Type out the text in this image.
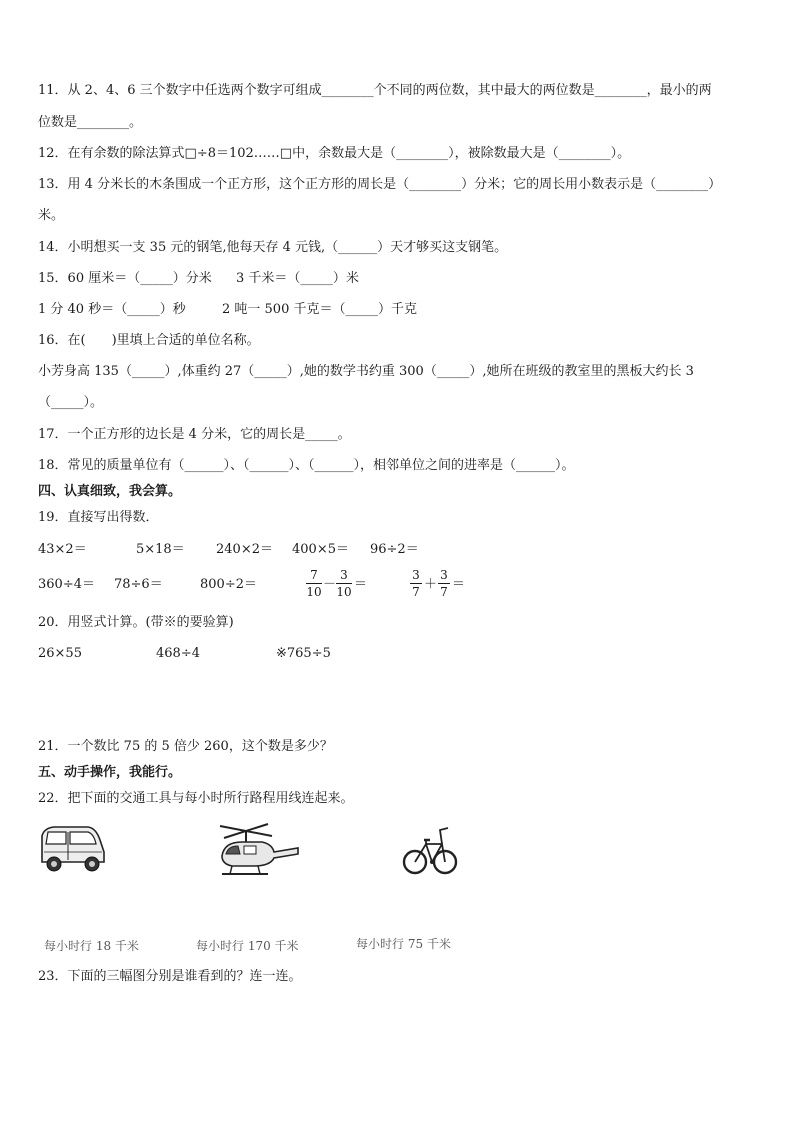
11．从 2、4、6 三个数字中任选两个数字可组成________个不同的两位数，其中最大的两位数是________，最小的两
位数是________。
12．在有余数的除法算式□÷8＝102……□中，余数最大是（________），被除数最大是（________）。
13．用 4 分米长的木条围成一个正方形，这个正方形的周长是（________）分米；它的周长用小数表示是（________）
米。
14．小明想买一支 35 元的钢笔,他每天存 4 元钱,（______）天才够买这支钢笔。
15．60 厘米＝（_____）分米 3 千米＝（_____）米
1 分 40 秒＝（_____）秒	2 吨一 500 千克＝（_____）千克
16．在(　　)里填上合适的单位名称。
小芳身高 135（_____）,体重约 27（_____）,她的数学书约重 300（_____）,她所在班级的教室里的黑板大约长 3
（_____）。
17．一个正方形的边长是 4 分米，它的周长是_____。
18．常见的质量单位有（______）、（______）、（______），相邻单位之间的进率是（______）。
四、认真细致，我会算。
19．直接写出得数．
43×2＝	5×18＝ 240×2＝ 400×5＝ 96÷2＝
360÷4＝ 78÷6＝	800÷2＝
7
10 －
3
10 ＝
3
7 ＋
3
7 ＝
20．用竖式计算。(带※的要验算)
26×55	468÷4	※765÷5
21．一个数比 75 的 5 倍少 260，这个数是多少？
五、动手操作，我能行。
22．把下面的交通工具与每小时所行路程用线连起来。
每小时行 18 千米	每小时行 170 千米	每小时行 75 千米
23．下面的三幅图分别是谁看到的？连一连。
